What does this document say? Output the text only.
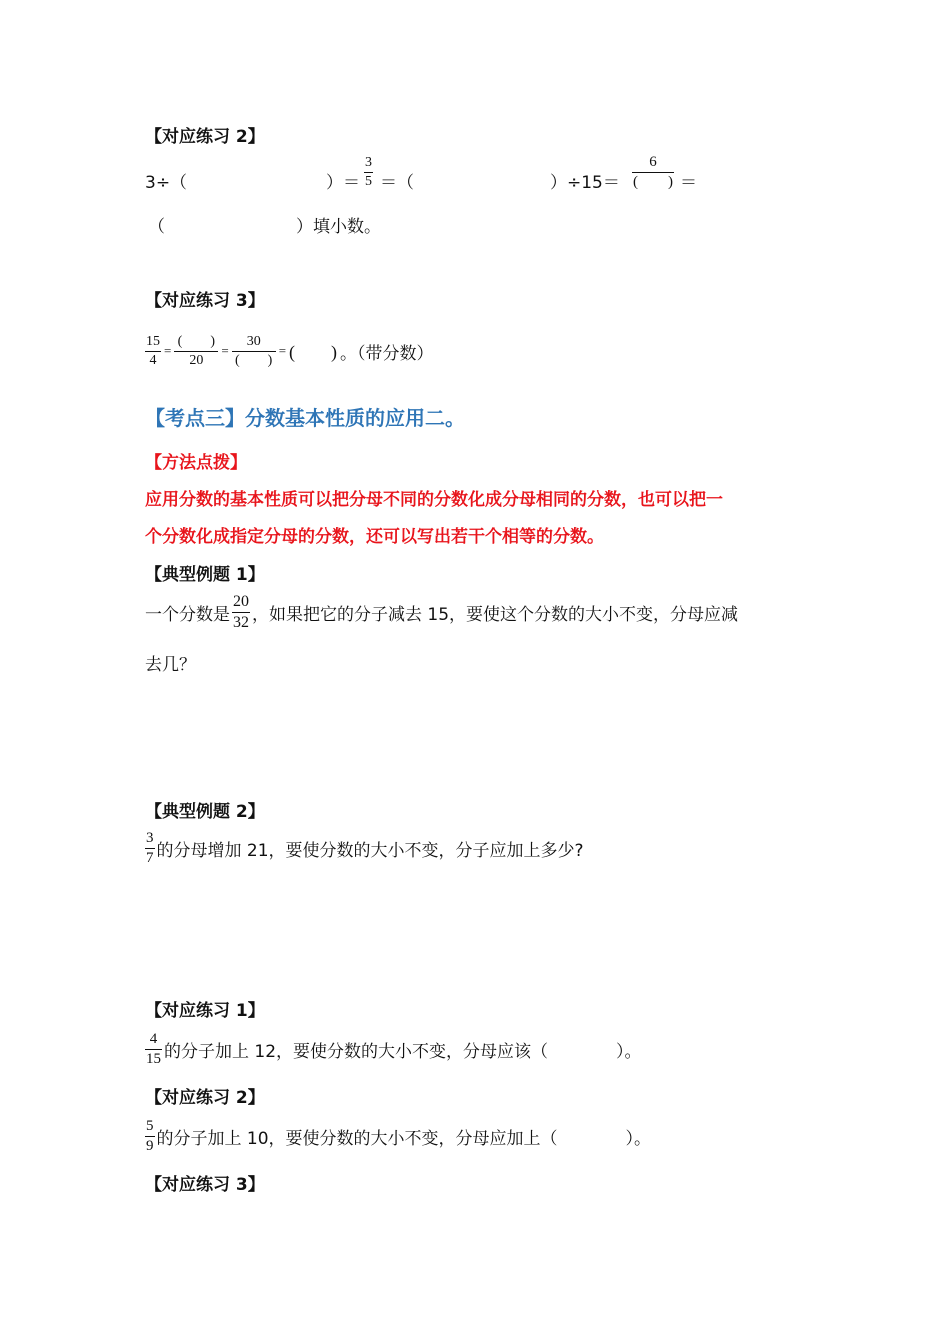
【对应练习 2】
3÷（	）＝ $\frac{3}{5}$ ＝（	）÷15＝
6
(　　) ＝
（	）填小数。
【对应练习 3】
$\frac{15}{4} = \frac{( )}{20} = \frac{30}{( )}$ = (　　) 。（带分数）
【考点三】分数基本性质的应用二。
【方法点拨】
应用分数的基本性质可以把分母不同的分数化成分母相同的分数，也可以把一
个分数化成指定分母的分数，还可以写出若干个相等的分数。
【典型例题 1】
一个分数是 $\frac{20}{32}$ ，如果把它的分子减去 15，要使这个分数的大小不变，分母应减
去几？
【典型例题 2】
$\frac{3}{7}$ 的分母增加 21，要使分数的大小不变，分子应加上多少?
【对应练习 1】
$\frac{4}{15}$ 的分子加上 12，要使分数的大小不变，分母应该（　　　　）。
【对应练习 2】
$\frac{5}{9}$ 的分子加上 10，要使分数的大小不变，分母应加上（　　　　）。
【对应练习 3】
